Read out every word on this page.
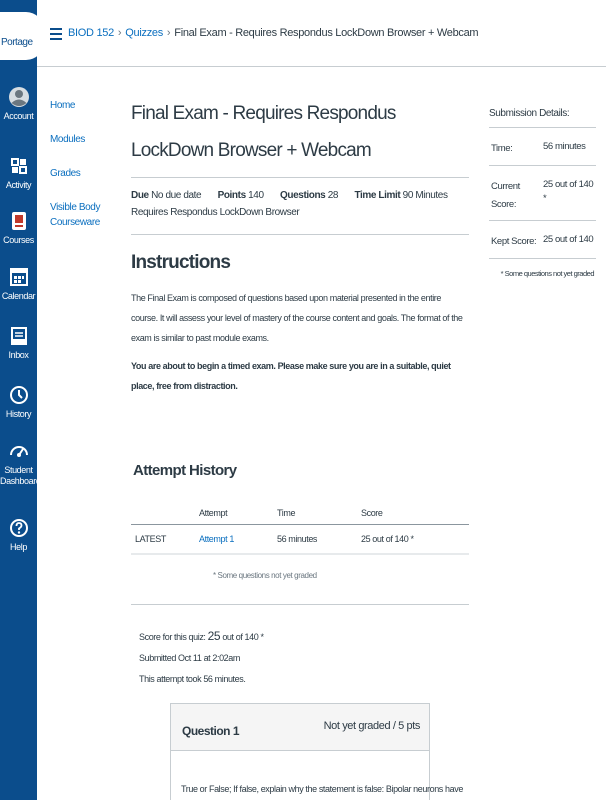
Portage
Account
Activity
Courses
Calendar
Inbox
History
Student Dashboard
Help
BIOD 152 › Quizzes › Final Exam - Requires Respondus LockDown Browser + Webcam
Home
Modules
Grades
Visible Body Courseware
Final Exam - Requires Respondus LockDown Browser + Webcam
Due No due date Points 140 Questions 28 Time Limit 90 Minutes
Requires Respondus LockDown Browser
Instructions

The Final Exam is composed of questions based upon material presented in the entire course. It will assess your level of mastery of the course content and goals. The format of the exam is similar to past module exams.

You are about to begin a timed exam. Please make sure you are in a suitable, quiet place, free from distraction.

Attempt History
	Attempt	Time	Score
LATEST	Attempt 1	56 minutes	25 out of 140 *
* Some questions not yet graded
Score for this quiz: 25 out of 140 *
Submitted Oct 11 at 2:02am
This attempt took 56 minutes.
Question 1	Not yet graded / 5 pts
True or False; If false, explain why the statement is false: Bipolar neurons have
Submission Details:
Time:	56 minutes
Current Score:
25 out of 140 *
Kept Score: 25 out of 140
* Some questions not yet graded
